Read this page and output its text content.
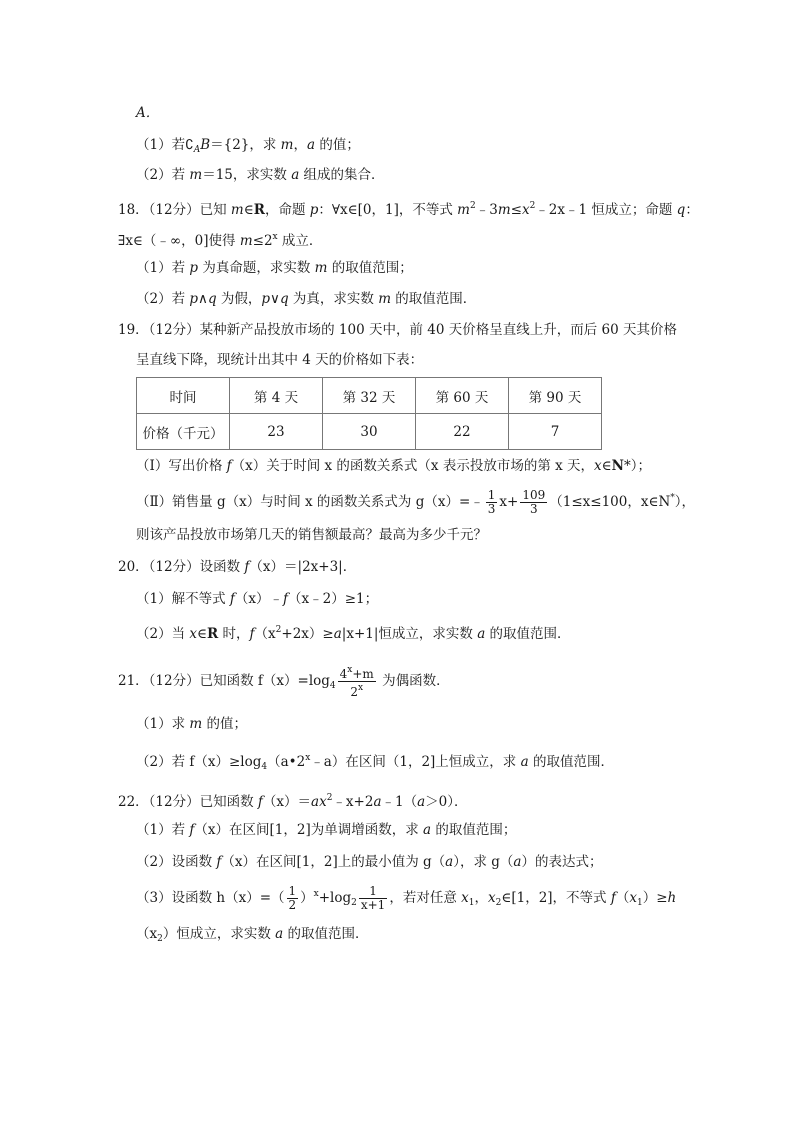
A．
（1）若$∁_AB=\{2\}$，求 m，a 的值；
（2）若 m＝15，求实数 a 组成的集合．
18．（12分）已知 m∈R，命题 p：∀x∈[0，1]，不等式 $m^2﹣3m\le x^2﹣2x﹣1$ 恒成立；命题 q：
∃x∈（﹣∞，0]使得 $m\le 2^x$ 成立．
（1）若 p 为真命题，求实数 m 的取值范围；
（2）若 p∧q 为假，p∨q 为真，求实数 m 的取值范围．
19．（12分）某种新产品投放市场的 100 天中，前 40 天价格呈直线上升，而后 60 天其价格
呈直线下降，现统计出其中 4 天的价格如下表：
时间	第 4 天	第 32 天	第 60 天	第 90 天
价格（千元）	23	30	22	7
（Ⅰ）写出价格 f（x）关于时间 x 的函数关系式（x 表示投放市场的第 x 天，x∈N*）；
（Ⅱ）销售量 g（x）与时间 x 的函数关系式为 g（x）=﹣ $\frac{1}{3} x+ \frac{109}{3} (1\le x\le 100$，x∈N*），
则该产品投放市场第几天的销售额最高？最高为多少千元？
20．（12分）设函数 f（x）＝|2x+3|．
（1）解不等式 f（x）﹣f（x﹣2）≥1；
（2）当 x∈R 时，$f(x^2+2x)\ge a|x+1|$恒成立，求实数 a 的取值范围．
21．（12分）已知函数 $f(x)=\log_4 \frac{4^x+m}{2^x}$ 为偶函数．
（1）求 m 的值；
（2）若 $f(x)\ge\log_4(a•2^x﹣a)$在区间（1，2]上恒成立，求 a 的取值范围．
22．（12分）已知函数 $f(x)=ax^2﹣x+2a﹣1(a>0)$．
（1）若 f（x）在区间[1，2]为单调增函数，求 a 的取值范围；
（2）设函数 f（x）在区间[1，2]上的最小值为 g（a），求 g（a）的表达式；
（3）设函数 $h(x)=( \frac{1}{2} )^x+\log_2 \frac{1}{x+1}$ ，若对任意 $x_1$，$x_2\in[1$，2]，不等式 $f(x_1)\ge h$
$(x_2)$恒成立，求实数 a 的取值范围．
